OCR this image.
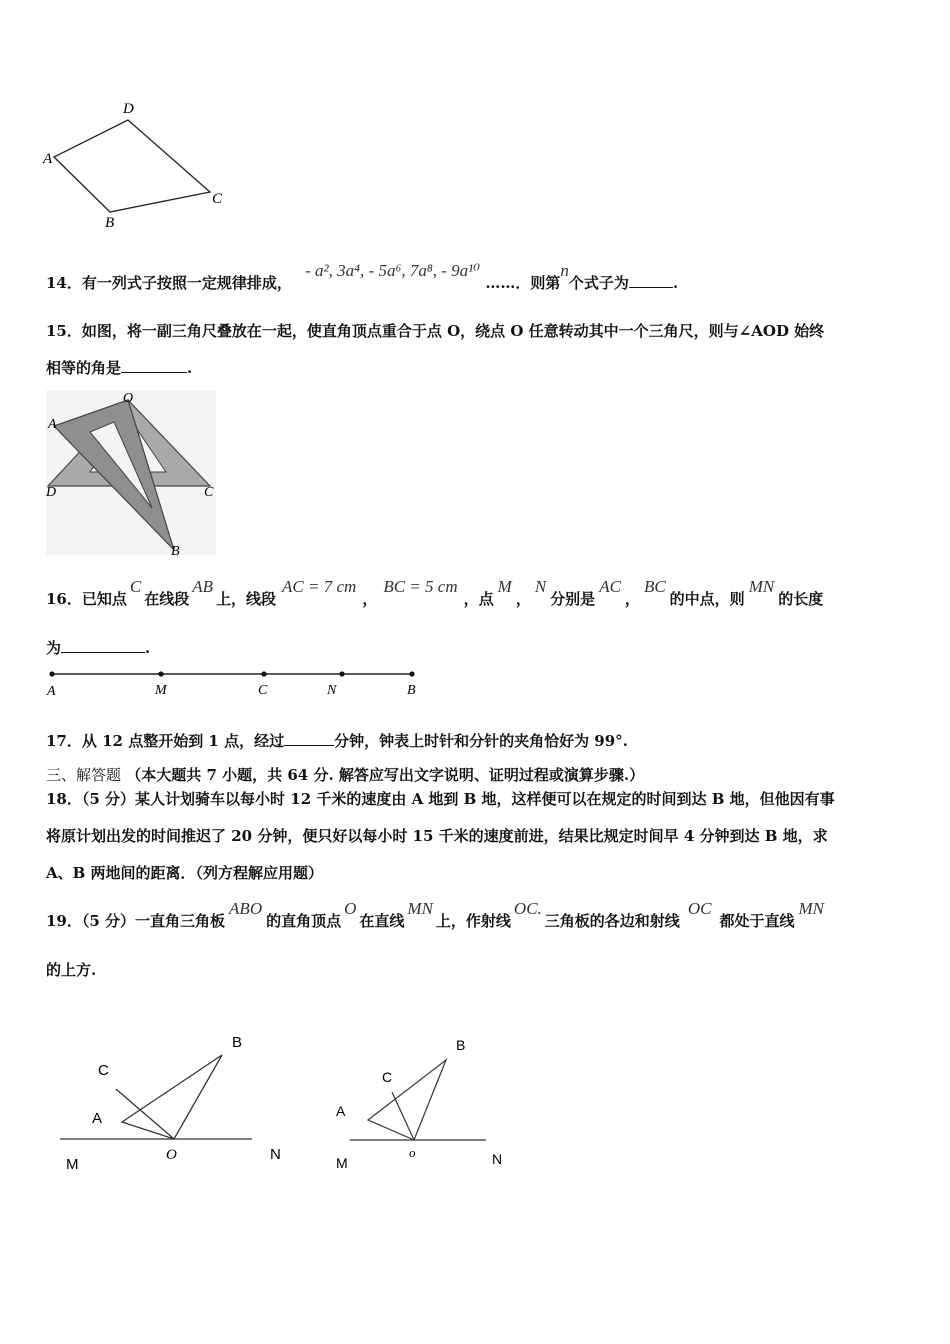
D
A
B
C
14．有一列式子按照一定规律排成， - a², 3a⁴, - 5a⁶, 7a⁸, - 9a¹⁰ ……．则第n个式子为	.
15．如图，将一副三角尺叠放在一起，使直角顶点重合于点 O，绕点 O 任意转动其中一个三角尺，则与∠AOD 始终
相等的角是	.
O
A
D	C
B
16．已知点C在线段AB上，线段AC = 7 cm，BC = 5 cm，点M，N分别是AC，BC的中点，则MN的长度
为	.
A	M	C	N	B
17．从 12 点整开始到 1 点，经过	分钟，钟表上时针和分针的夹角恰好为 99°.
三、解答题 （本大题共 7 小题，共 64 分. 解答应写出文字说明、证明过程或演算步骤.）
18．（5 分）某人计划骑车以每小时 12 千米的速度由 A 地到 B 地，这样便可以在规定的时间到达 B 地，但他因有事
将原计划出发的时间推迟了 20 分钟，便只好以每小时 15 千米的速度前进，结果比规定时间早 4 分钟到达 B 地，求
A、B 两地间的距离．（列方程解应用题）
19．（5 分）一直角三角板ABO的直角顶点O在直线MN上，作射线OC.三角板的各边和射线OC都处于直线MN
的上方.
B
C
A
O
M
N
B
C
A
o
M	N
